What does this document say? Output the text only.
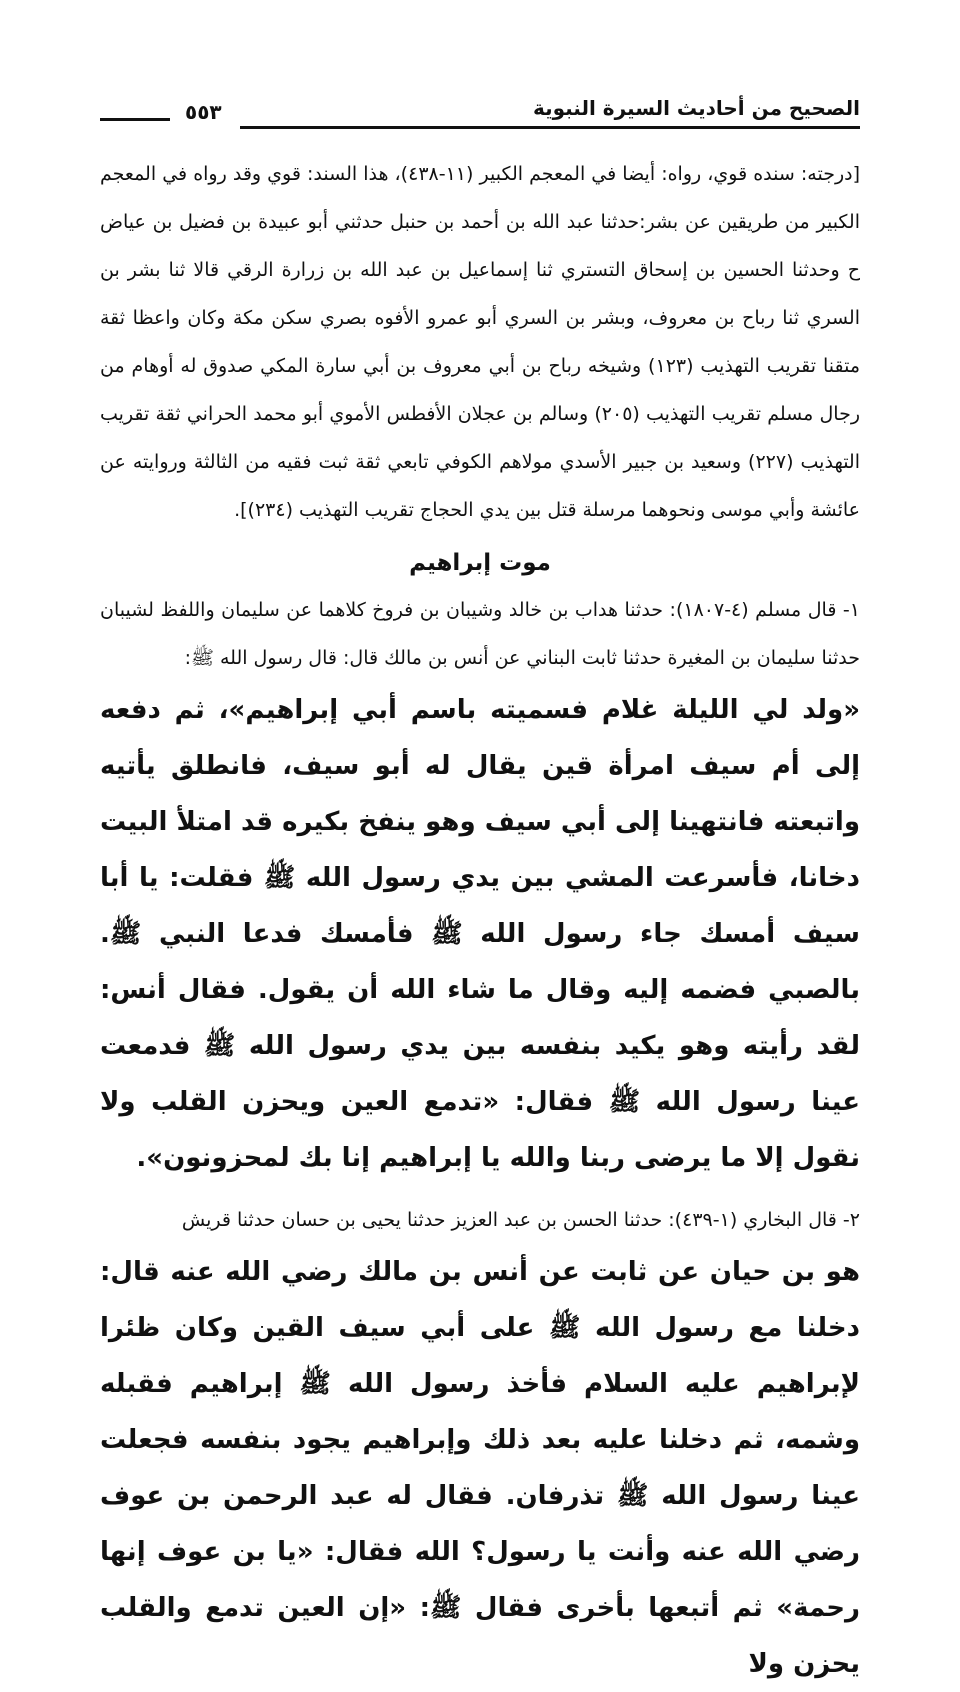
الصحيح من أحاديث السيرة النبوية
٥٥٣

[درجته: سنده قوي، رواه: أيضا في المعجم الكبير (١١-٤٣٨)، هذا السند: قوي وقد رواه في المعجم الكبير من طريقين عن بشر:حدثنا عبد الله بن أحمد بن حنبل حدثني أبو عبيدة بن فضيل بن عياض ح وحدثنا الحسين بن إسحاق التستري ثنا إسماعيل بن عبد الله بن زرارة الرقي قالا ثنا بشر بن السري ثنا رباح بن معروف، وبشر بن السري أبو عمرو الأفوه بصري سكن مكة وكان واعظا ثقة متقنا تقريب التهذيب (١٢٣) وشيخه رباح بن أبي معروف بن أبي سارة المكي صدوق له أوهام من رجال مسلم تقريب التهذيب (٢٠٥) وسالم بن عجلان الأفطس الأموي أبو محمد الحراني ثقة تقريب التهذيب (٢٢٧) وسعيد بن جبير الأسدي مولاهم الكوفي تابعي ثقة ثبت فقيه من الثالثة وروايته عن عائشة وأبي موسى ونحوهما مرسلة قتل بين يدي الحجاج تقريب التهذيب (٢٣٤)].

موت إبراهيم

١- قال مسلم (٤-١٨٠٧): حدثنا هداب بن خالد وشيبان بن فروخ كلاهما عن سليمان واللفظ لشيبان حدثنا سليمان بن المغيرة حدثنا ثابت البناني عن أنس بن مالك قال: قال رسول الله ﷺ:

«ولد لي الليلة غلام فسميته باسم أبي إبراهيم»، ثم دفعه إلى أم سيف امرأة قين يقال له أبو سيف، فانطلق يأتيه واتبعته فانتهينا إلى أبي سيف وهو ينفخ بكيره قد امتلأ البيت دخانا، فأسرعت المشي بين يدي رسول الله ﷺ فقلت: يا أبا سيف أمسك جاء رسول الله ﷺ فأمسك فدعا النبي ﷺ. بالصبي فضمه إليه وقال ما شاء الله أن يقول. فقال أنس: لقد رأيته وهو يكيد بنفسه بين يدي رسول الله ﷺ فدمعت عينا رسول الله ﷺ فقال: «تدمع العين ويحزن القلب ولا نقول إلا ما يرضى ربنا والله يا إبراهيم إنا بك لمحزونون».

٢- قال البخاري (١-٤٣٩): حدثنا الحسن بن عبد العزيز حدثنا يحيى بن حسان حدثنا قريش

هو بن حيان عن ثابت عن أنس بن مالك رضي الله عنه قال: دخلنا مع رسول الله ﷺ على أبي سيف القين وكان ظئرا لإبراهيم عليه السلام فأخذ رسول الله ﷺ إبراهيم فقبله وشمه، ثم دخلنا عليه بعد ذلك وإبراهيم يجود بنفسه فجعلت عينا رسول الله ﷺ تذرفان. فقال له عبد الرحمن بن عوف رضي الله عنه وأنت يا رسول؟ الله فقال: «يا بن عوف إنها رحمة» ثم أتبعها بأخرى فقال ﷺ: «إن العين تدمع والقلب يحزن ولا
